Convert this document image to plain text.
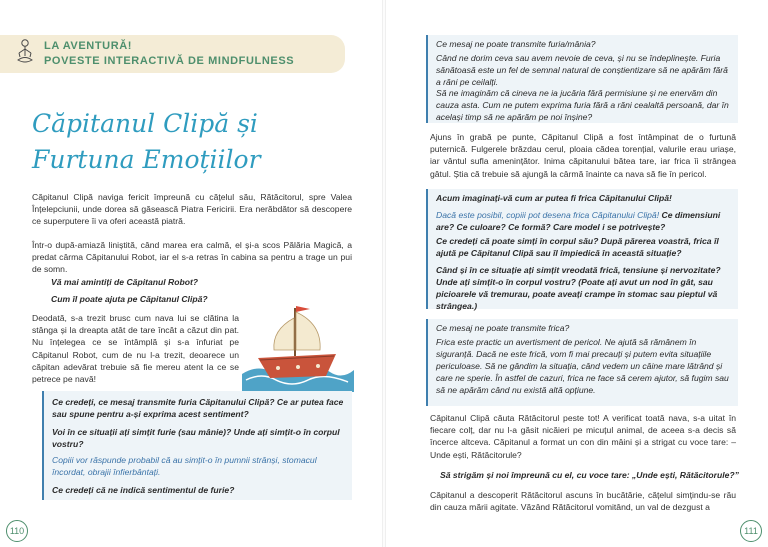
LA AVENTURĂ!
POVESTE INTERACTIVĂ DE MINDFULNESS
Căpitanul Clipă și Furtuna Emoțiilor

Căpitanul Clipă naviga fericit împreună cu cățelul său, Rătăcitorul, spre Valea Înțelepciunii, unde dorea să găsească Piatra Fericirii. Era nerăbdător să descopere ce superputere îi va oferi această piatră.

Într-o după-amiază liniștită, când marea era calmă, el și-a scos Pălăria Magică, a predat cârma Căpitanului Robot, iar el s-a retras în cabina sa pentru a trage un pui de somn.

Vă mai amintiți de Căpitanul Robot?
Cum îl poate ajuta pe Căpitanul Clipă?

Deodată, s-a trezit brusc cum nava lui se clătina la stânga și la dreapta atât de tare încât a căzut din pat. Nu înțelegea ce se întâmplă și s-a înfuriat pe Căpitanul Robot, cum de nu l-a trezit, deoarece un căpitan adevărat trebuie să fie mereu atent la ce se petrece pe navă!

Ce credeți, ce mesaj transmite furia Căpitanului Clipă? Ce ar putea face sau spune pentru a-și exprima acest sentiment?
Voi în ce situații ați simțit furie (sau mânie)? Unde ați simțit-o în corpul vostru?
Copiii vor răspunde probabil că au simțit-o în pumnii strânși, stomacul încordat, obrajii înfierbântați.
Ce credeți că ne indică sentimentul de furie?
110
Ce mesaj ne poate transmite furia/mânia?
Când ne dorim ceva sau avem nevoie de ceva, și nu se îndeplinește. Furia sănătoasă este un fel de semnal natural de conștientizare să ne apărăm fără a răni pe ceilalți.
Să ne imaginăm că cineva ne ia jucăria fără permisiune și ne enervăm din cauza asta. Cum ne putem exprima furia fără a răni cealaltă persoană, dar în același timp să ne apărăm pe noi înșine?

Ajuns în grabă pe punte, Căpitanul Clipă a fost întâmpinat de o furtună puternică. Fulgerele brăzdau cerul, ploaia cădea torențial, valurile erau uriașe, iar vântul sufla amenințător. Inima căpitanului bătea tare, iar frica îi strângea gâtul. Știa că trebuie să ajungă la cârmă înainte ca nava să fie în pericol.

Acum imaginați-vă cum ar putea fi frica Căpitanului Clipă!
Dacă este posibil, copiii pot desena frica Căpitanului Clipă! Ce dimensiuni are? Ce culoare? Ce formă? Care model i se potrivește?
Ce credeți că poate simți în corpul său? După părerea voastră, frica îl ajută pe Căpitanul Clipă sau îl împiedică în această situație?
Când și în ce situație ați simțit vreodată frică, tensiune și nervozitate? Unde ați simțit-o în corpul vostru? (Poate ați avut un nod în gât, sau picioarele vă tremurau, poate aveați crampe în stomac sau pieptul vă strângea.)
Ce mesaj ne poate transmite frica?
Frica este practic un avertisment de pericol. Ne ajută să rămânem în siguranță. Dacă ne este frică, vom fi mai precauți și putem evita situațiile periculoase. Să ne gândim la situația, când vedem un câine mare lătrând și care ne sperie. În astfel de cazuri, frica ne face să cerem ajutor, să fugim sau să ne apărăm când nu există altă opțiune.

Căpitanul Clipă căuta Rătăcitorul peste tot! A verificat toată nava, s-a uitat în fiecare colț, dar nu l-a găsit nicăieri pe micuțul animal, de aceea s-a decis să încerce altceva. Căpitanul a format un con din mâini și a strigat cu voce tare: – Unde ești, Rătăcitorule?

Să strigăm și noi împreună cu el, cu voce tare: „Unde ești, Rătăcitorule?”

Căpitanul a descoperit Rătăcitorul ascuns în bucătărie, cățelul simțindu-se rău din cauza mării agitate. Văzând Rătăcitorul vomitând, un val de dezgust a

111
